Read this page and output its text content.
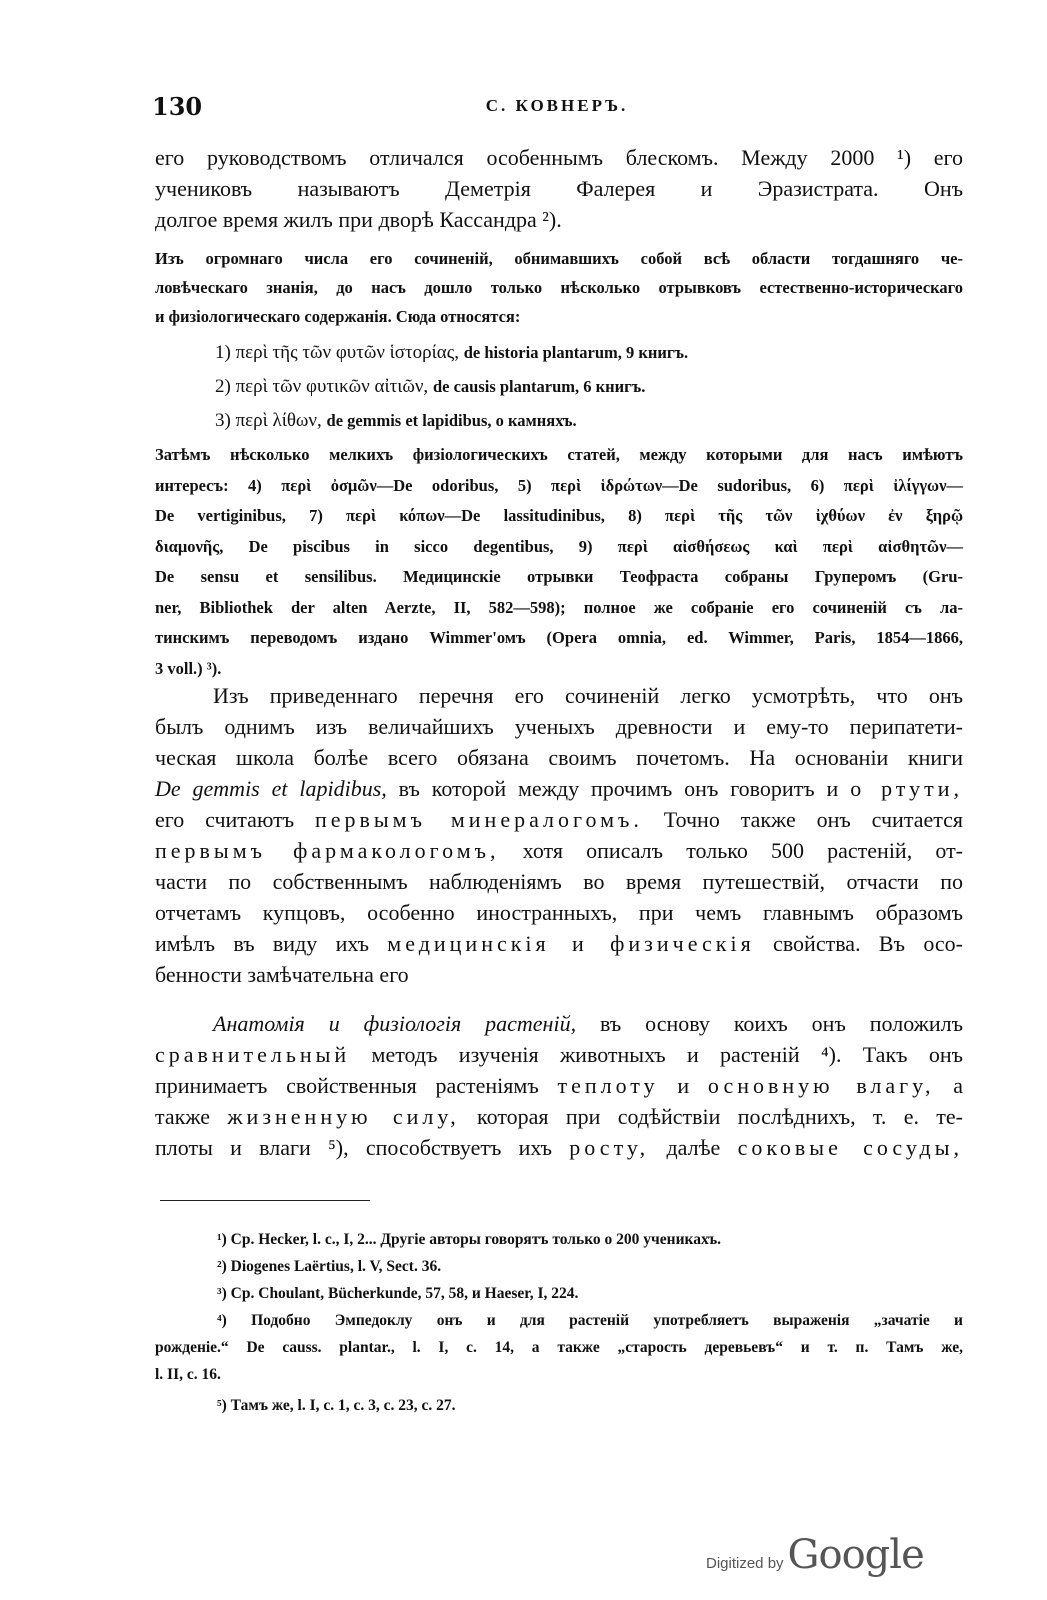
130	С. КОВНЕРЪ.
его руководствомъ отличался особеннымъ блескомъ. Между 2000 ¹) его
учениковъ называютъ Деметрія Фалерея и Эразистрата. Онъ
долгое время жилъ при дворѣ Кассандра ²).
Изъ огромнаго числа его сочиненій, обнимавшихъ собой всѣ области тогдашняго че-
ловѣческаго знанія, до насъ дошло только нѣсколько отрывковъ естественно-историческаго
и физіологическаго содержанія. Сюда относятся:
1) περὶ τῆς τῶν φυτῶν ἱστορίας, de historia plantarum, 9 книгъ.
2) περὶ τῶν φυτικῶν αἰτιῶν, de causis plantarum, 6 книгъ.
3) περὶ λίθων, de gemmis et lapidibus, о камняхъ.
Затѣмъ нѣсколько мелкихъ физіологическихъ статей, между которыми для насъ имѣютъ
интересъ: 4) περὶ ὀσμῶν—De odoribus, 5) περὶ ἱδρώτων—De sudoribus, 6) περὶ ἰλίγγων—
De vertiginibus, 7) περὶ κόπων—De lassitudinibus, 8) περὶ τῆς τῶν ἰχθύων ἐν ξηρῷ
διαμονῆς, De piscibus in sicco degentibus, 9) περὶ αἰσθήσεως καὶ περὶ αἰσθητῶν—
De sensu et sensilibus. Медицинскіе отрывки Теофраста собраны Груперомъ (Gru-
ner, Bibliothek der alten Aerzte, II, 582—598); полное же собраніе его сочиненій съ ла-
тинскимъ переводомъ издано Wimmer'омъ (Opera omnia, ed. Wimmer, Paris, 1854—1866,
3 voll.) ³).
Изъ приведеннаго перечня его сочиненій легко усмотрѣть, что онъ
былъ однимъ изъ величайшихъ ученыхъ древности и ему-то перипатети-
ческая школа болѣе всего обязана своимъ почетомъ. На основаніи книги
De gemmis et lapidibus, въ которой между прочимъ онъ говоритъ и о ртути,
его считаютъ первымъ минералогомъ. Точно также онъ считается
первымъ фармакологомъ, хотя описалъ только 500 растеній, от-
части по собственнымъ наблюденіямъ во время путешествій, отчасти по
отчетамъ купцовъ, особенно иностранныхъ, при чемъ главнымъ образомъ
имѣлъ въ виду ихъ медицинскія и физическія свойства. Въ осо-
бенности замѣчательна его
Анатомія и физіологія растеній, въ основу коихъ онъ положилъ
сравнительный методъ изученія животныхъ и растеній ⁴). Такъ онъ
принимаетъ свойственныя растеніямъ теплоту и основную влагу, а
также жизненную силу, которая при содѣйствіи послѣднихъ, т. е. те-
плоты и влаги ⁵), способствуетъ ихъ росту, далѣе соковые сосуды,
¹) Ср. Hecker, l. c., I, 2... Другіе авторы говорятъ только о 200 ученикахъ.
²) Diogenes Laërtius, l. V, Sect. 36.
³) Ср. Choulant, Bücherkunde, 57, 58, и Haeser, I, 224.
⁴) Подобно Эмпедоклу онъ и для растеній употребляетъ выраженія „зачатіе и
рожденіе.“ De causs. plantar., l. I, c. 14, а также „старость деревьевъ“ и т. п. Тамъ же,
l. II, c. 16.
⁵) Тамъ же, l. I, c. 1, c. 3, c. 23, c. 27.
Digitized by Google
